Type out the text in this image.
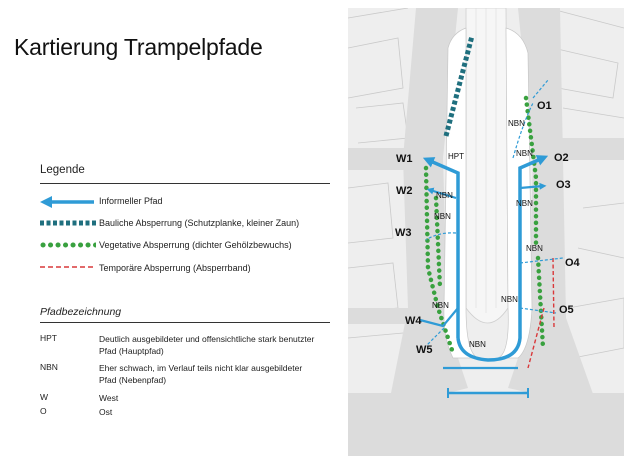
Kartierung Trampelpfade
Legende
Informeller Pfad
Bauliche Absperrung (Schutzplanke, kleiner Zaun)
Vegetative Absperrung (dichter Gehölzbewuchs)
Temporäre Absperrung (Absperrband)
Pfadbezeichnung
HPT	Deutlich ausgebildeter und offensichtliche stark benutzter Pfad (Hauptpfad)
NBN	Eher schwach, im Verlauf teils nicht klar ausgebildeter Pfad (Nebenpfad)
W	West
O	Ost
W1
W2
W3
W4
W5
O1
O2
O3
O4
O5
HPT
NBN
NBN
NBN
NBN
NBN
NBN
NBN
NBN
NBN
